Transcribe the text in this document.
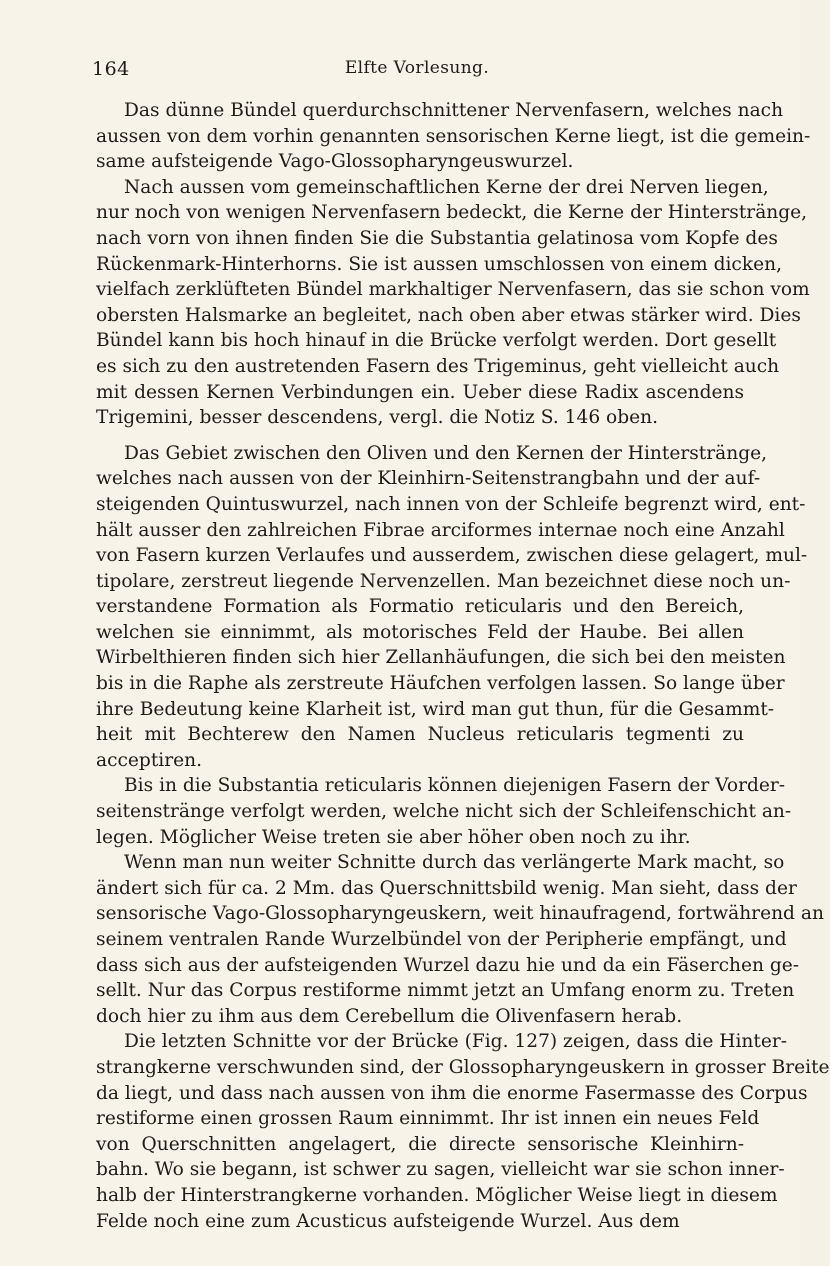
164	Elfte Vorlesung.
Das dünne Bündel querdurchschnittener Nervenfasern, welches nach
aussen von dem vorhin genannten sensorischen Kerne liegt, ist die gemein-
same aufsteigende Vago-Glossopharyngeuswurzel.
Nach aussen vom gemeinschaftlichen Kerne der drei Nerven liegen,
nur noch von wenigen Nervenfasern bedeckt, die Kerne der Hinterstränge,
nach vorn von ihnen finden Sie die Substantia gelatinosa vom Kopfe des
Rückenmark-Hinterhorns. Sie ist aussen umschlossen von einem dicken,
vielfach zerklüfteten Bündel markhaltiger Nervenfasern, das sie schon vom
obersten Halsmarke an begleitet, nach oben aber etwas stärker wird. Dies
Bündel kann bis hoch hinauf in die Brücke verfolgt werden. Dort gesellt
es sich zu den austretenden Fasern des Trigeminus, geht vielleicht auch
mit dessen Kernen Verbindungen ein. Ueber diese Radix ascendens
Trigemini, besser descendens, vergl. die Notiz S. 146 oben.
Das Gebiet zwischen den Oliven und den Kernen der Hinterstränge,
welches nach aussen von der Kleinhirn-Seitenstrangbahn und der auf-
steigenden Quintuswurzel, nach innen von der Schleife begrenzt wird, ent-
hält ausser den zahlreichen Fibrae arciformes internae noch eine Anzahl
von Fasern kurzen Verlaufes und ausserdem, zwischen diese gelagert, mul-
tipolare, zerstreut liegende Nervenzellen. Man bezeichnet diese noch un-
verstandene Formation als Formatio reticularis und den Bereich,
welchen sie einnimmt, als motorisches Feld der Haube. Bei allen
Wirbelthieren finden sich hier Zellanhäufungen, die sich bei den meisten
bis in die Raphe als zerstreute Häufchen verfolgen lassen. So lange über
ihre Bedeutung keine Klarheit ist, wird man gut thun, für die Gesammt-
heit mit Bechterew den Namen Nucleus reticularis tegmenti zu
acceptiren.
Bis in die Substantia reticularis können diejenigen Fasern der Vorder-
seitenstränge verfolgt werden, welche nicht sich der Schleifenschicht an-
legen. Möglicher Weise treten sie aber höher oben noch zu ihr.
Wenn man nun weiter Schnitte durch das verlängerte Mark macht, so
ändert sich für ca. 2 Mm. das Querschnittsbild wenig. Man sieht, dass der
sensorische Vago-Glossopharyngeuskern, weit hinaufragend, fortwährend an
seinem ventralen Rande Wurzelbündel von der Peripherie empfängt, und
dass sich aus der aufsteigenden Wurzel dazu hie und da ein Fäserchen ge-
sellt. Nur das Corpus restiforme nimmt jetzt an Umfang enorm zu. Treten
doch hier zu ihm aus dem Cerebellum die Olivenfasern herab.
Die letzten Schnitte vor der Brücke (Fig. 127) zeigen, dass die Hinter-
strangkerne verschwunden sind, der Glossopharyngeuskern in grosser Breite
da liegt, und dass nach aussen von ihm die enorme Fasermasse des Corpus
restiforme einen grossen Raum einnimmt. Ihr ist innen ein neues Feld
von Querschnitten angelagert, die directe sensorische Kleinhirn-
bahn. Wo sie begann, ist schwer zu sagen, vielleicht war sie schon inner-
halb der Hinterstrangkerne vorhanden. Möglicher Weise liegt in diesem
Felde noch eine zum Acusticus aufsteigende Wurzel. Aus dem
